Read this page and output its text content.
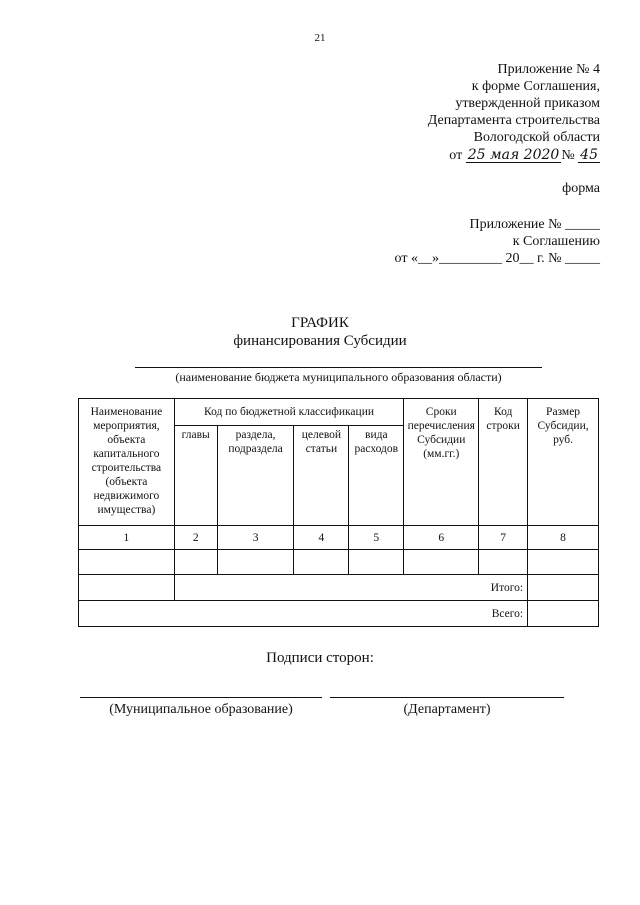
21
Приложение № 4
к форме Соглашения,
утвержденной приказом
Департамента строительства
Вологодской области
от 25 мая 2020 № 45
форма
Приложение № _____
к Соглашению
от «__»_________ 20__ г. № _____
ГРАФИК
финансирования Субсидии
(наименование бюджета муниципального образования области)
Наименование мероприятия, объекта капитального строительства (объекта недвижимого имущества)	Код по бюджетной классификации				Сроки перечисления Субсидии (мм.гг.)	Код строки	Размер Субсидии, руб.
	главы	раздела, подраздела	целевой статьи	вида расходов			
1	2	3	4	5	6	7	8

	Итого:						
Всего:							
Подписи сторон:
(Муниципальное образование)	(Департамент)
